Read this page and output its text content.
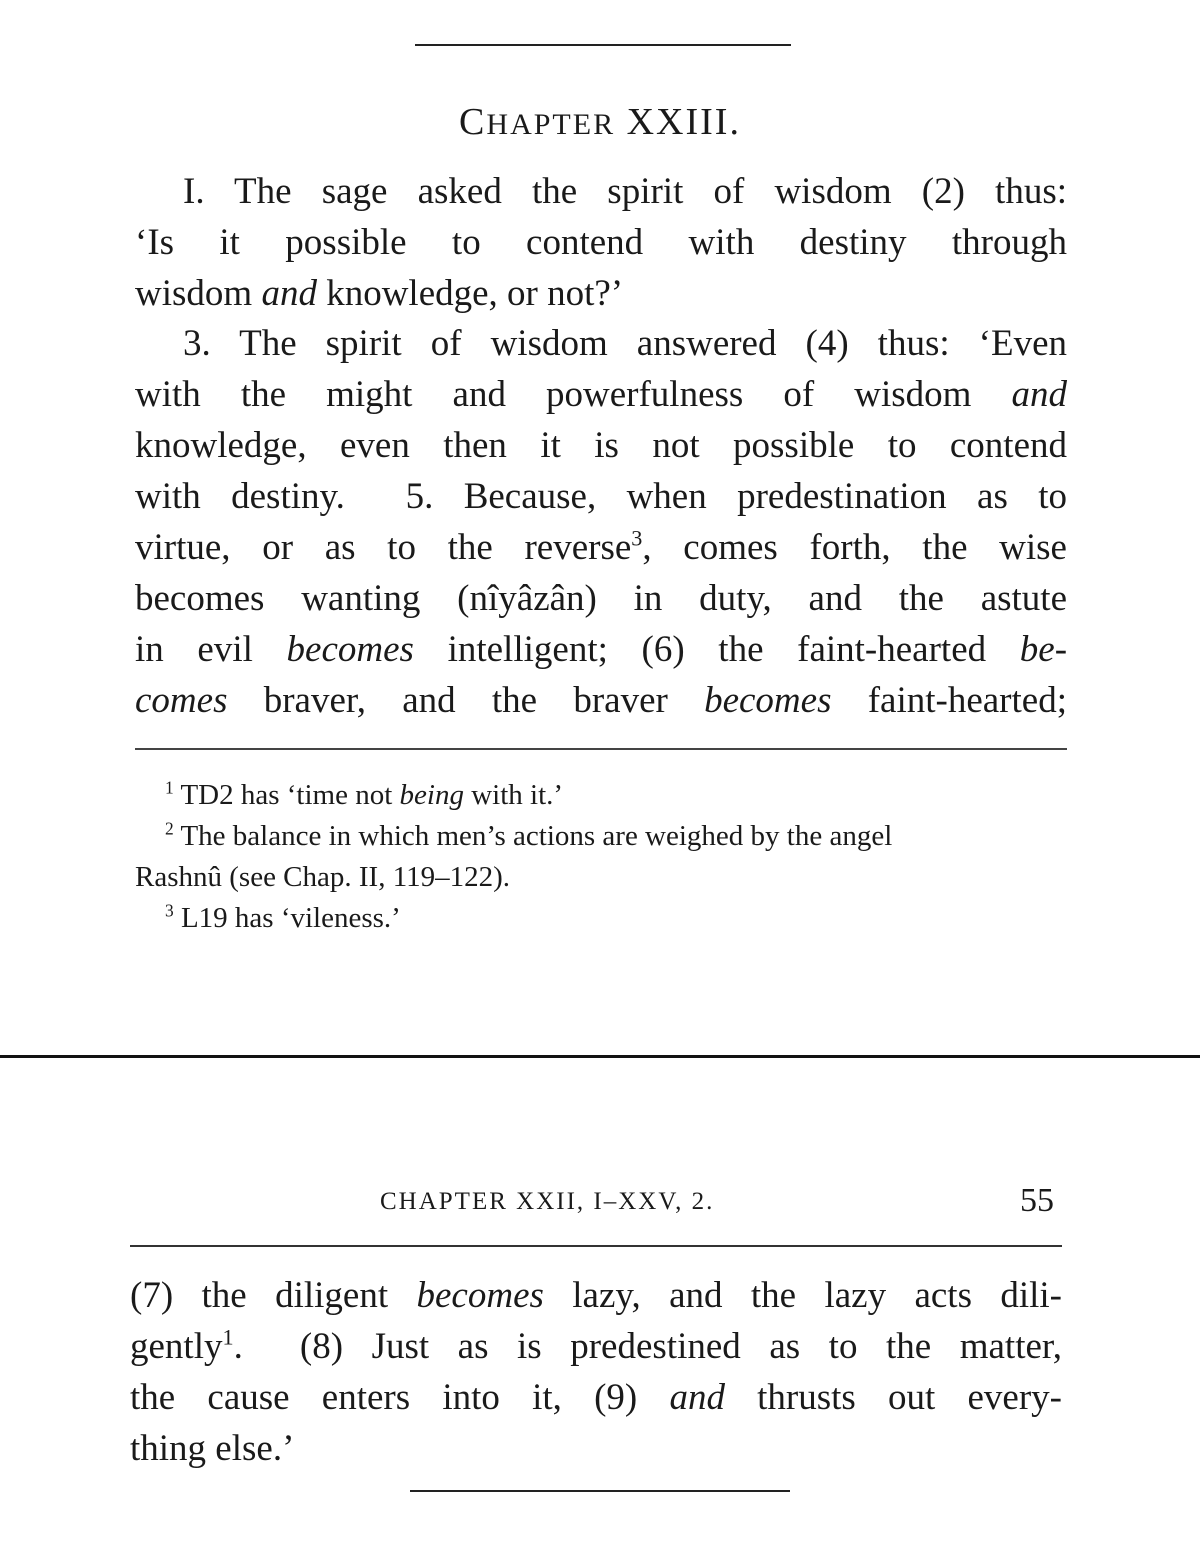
CHAPTER XXIII.
I. The sage asked the spirit of wisdom (2) thus:
‘Is it possible to contend with destiny through
wisdom and knowledge, or not?’
3. The spirit of wisdom answered (4) thus: ‘Even
with the might and powerfulness of wisdom and
knowledge, even then it is not possible to contend
with destiny.  5. Because, when predestination as to
virtue, or as to the reverse$^3$, comes forth, the wise
becomes wanting (nîyâzân) in duty, and the astute
in evil becomes intelligent; (6) the faint-hearted be-
comes braver, and the braver becomes faint-hearted;
$^1$ TD2 has ‘time not being with it.’
$^2$ The balance in which men’s actions are weighed by the angel
Rashnû (see Chap. II, 119–122).
$^3$ L19 has ‘vileness.’
CHAPTER XXII, I–XXV, 2.	55
(7) the diligent becomes lazy, and the lazy acts dili-
gently$^1$.  (8) Just as is predestined as to the matter,
the cause enters into it, (9) and thrusts out every-
thing else.’
